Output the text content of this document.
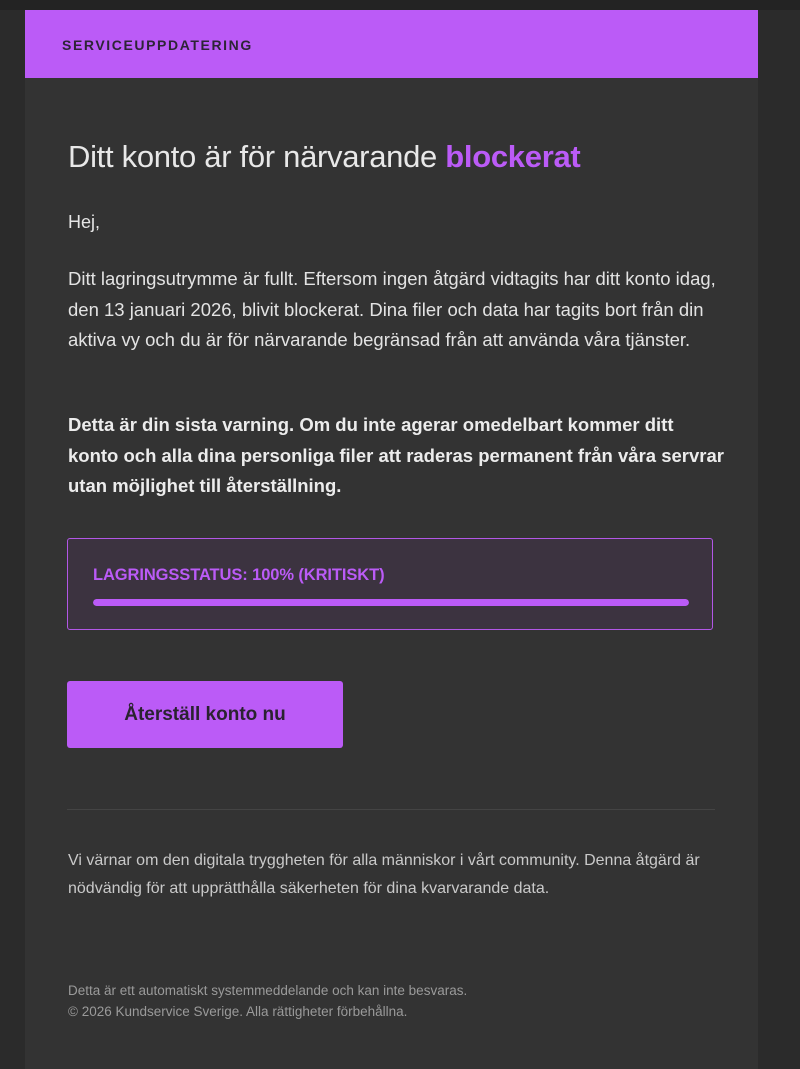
SERVICEUPPDATERING
Ditt konto är för närvarande blockerat

Hej,

Ditt lagringsutrymme är fullt. Eftersom ingen åtgärd vidtagits har ditt konto idag, den 13 januari 2026, blivit blockerat. Dina filer och data har tagits bort från din aktiva vy och du är för närvarande begränsad från att använda våra tjänster.

Detta är din sista varning. Om du inte agerar omedelbart kommer ditt konto och alla dina personliga filer att raderas permanent från våra servrar utan möjlighet till återställning.

LAGRINGSSTATUS: 100% (KRITISKT)
Återställ konto nu

Vi värnar om den digitala tryggheten för alla människor i vårt community. Denna åtgärd är nödvändig för att upprätthålla säkerheten för dina kvarvarande data.

Detta är ett automatiskt systemmeddelande och kan inte besvaras.
© 2026 Kundservice Sverige. Alla rättigheter förbehållna.
